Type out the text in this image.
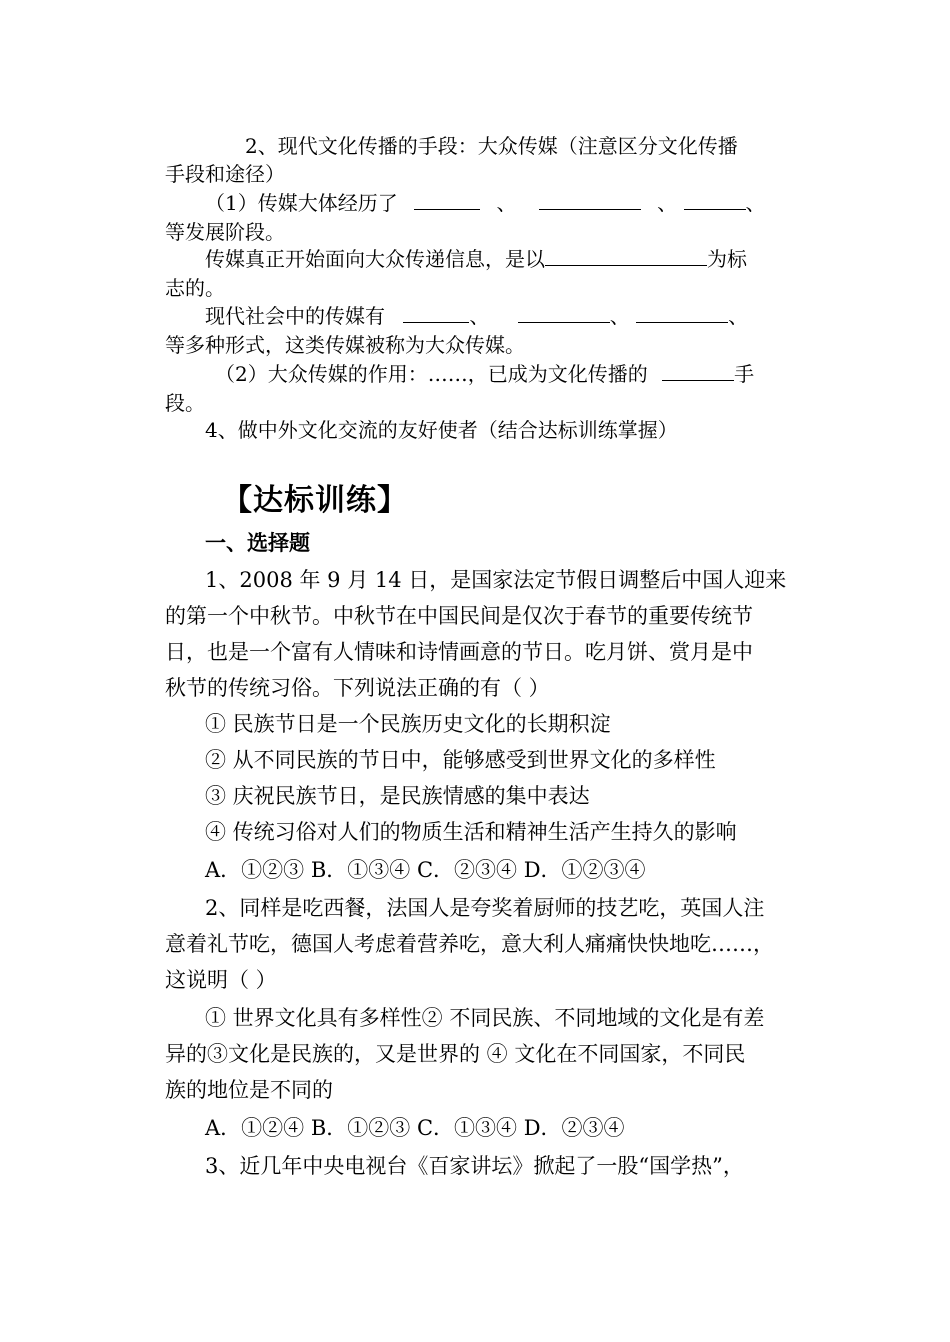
2、现代文化传播的手段：大众传媒（注意区分文化传播
手段和途径）
（1）传媒大体经历了	、	、	、
等发展阶段。
传媒真正开始面向大众传递信息，是以	为标
志的。
现代社会中的传媒有	、	、	、
等多种形式，这类传媒被称为大众传媒。
（2）大众传媒的作用：……，已成为文化传播的	手
段。
4、做中外文化交流的友好使者（结合达标训练掌握）
【达标训练】
一、选择题
1、2008 年 9 月 14 日，是国家法定节假日调整后中国人迎来
的第一个中秋节。中秋节在中国民间是仅次于春节的重要传统节
日，也是一个富有人情味和诗情画意的节日。吃月饼、赏月是中
秋节的传统习俗。下列说法正确的有（ ）
① 民族节日是一个民族历史文化的长期积淀
② 从不同民族的节日中，能够感受到世界文化的多样性
③ 庆祝民族节日，是民族情感的集中表达
④ 传统习俗对人们的物质生活和精神生活产生持久的影响
A．①②③ B．①③④ C．②③④ D．①②③④
2、同样是吃西餐，法国人是夸奖着厨师的技艺吃，英国人注
意着礼节吃，德国人考虑着营养吃，意大利人痛痛快快地吃……，
这说明（ ）
① 世界文化具有多样性② 不同民族、不同地域的文化是有差
异的③文化是民族的，又是世界的 ④ 文化在不同国家，不同民
族的地位是不同的
A．①②④ B．①②③ C．①③④ D．②③④
3、近几年中央电视台《百家讲坛》掀起了一股“国学热”，
